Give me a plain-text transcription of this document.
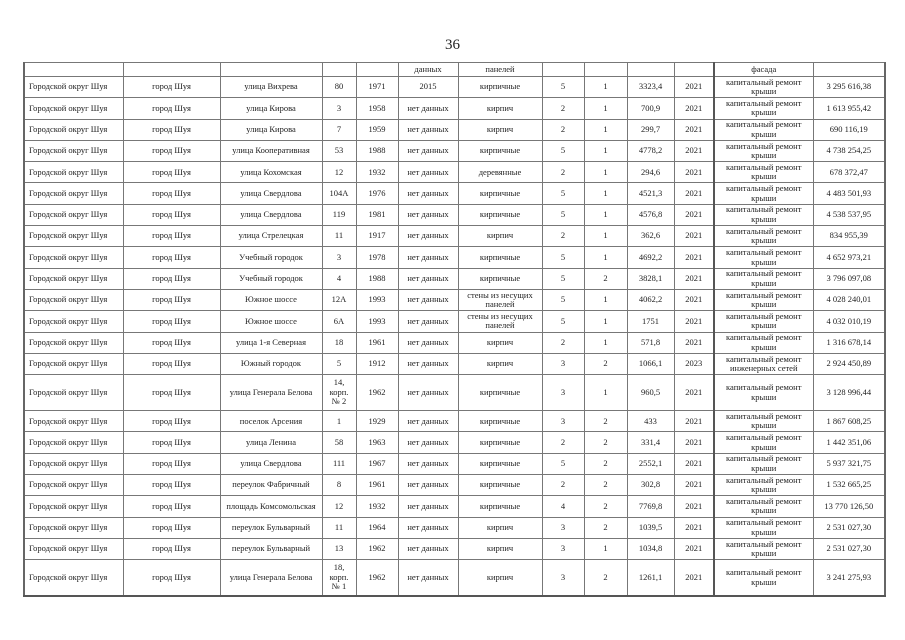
36
					данных	панелей					фасада	
Городской округ Шуя	город Шуя	улица Вихрева	80	1971	2015	кирпичные	5	1	3323,4	2021	капитальный ремонт крыши	3 295 616,38
Городской округ Шуя	город Шуя	улица Кирова	3	1958	нет данных	кирпич	2	1	700,9	2021	капитальный ремонт крыши	1 613 955,42
Городской округ Шуя	город Шуя	улица Кирова	7	1959	нет данных	кирпич	2	1	299,7	2021	капитальный ремонт крыши	690 116,19
Городской округ Шуя	город Шуя	улица Кооперативная	53	1988	нет данных	кирпичные	5	1	4778,2	2021	капитальный ремонт крыши	4 738 254,25
Городской округ Шуя	город Шуя	улица Кохомская	12	1932	нет данных	деревянные	2	1	294,6	2021	капитальный ремонт крыши	678 372,47
Городской округ Шуя	город Шуя	улица Свердлова	104А	1976	нет данных	кирпичные	5	1	4521,3	2021	капитальный ремонт крыши	4 483 501,93
Городской округ Шуя	город Шуя	улица Свердлова	119	1981	нет данных	кирпичные	5	1	4576,8	2021	капитальный ремонт крыши	4 538 537,95
Городской округ Шуя	город Шуя	улица Стрелецкая	11	1917	нет данных	кирпич	2	1	362,6	2021	капитальный ремонт крыши	834 955,39
Городской округ Шуя	город Шуя	Учебный городок	3	1978	нет данных	кирпичные	5	1	4692,2	2021	капитальный ремонт крыши	4 652 973,21
Городской округ Шуя	город Шуя	Учебный городок	4	1988	нет данных	кирпичные	5	2	3828,1	2021	капитальный ремонт крыши	3 796 097,08
Городской округ Шуя	город Шуя	Южное шоссе	12А	1993	нет данных	стены из несущих панелей	5	1	4062,2	2021	капитальный ремонт крыши	4 028 240,01
Городской округ Шуя	город Шуя	Южное шоссе	6А	1993	нет данных	стены из несущих панелей	5	1	1751	2021	капитальный ремонт крыши	4 032 010,19
Городской округ Шуя	город Шуя	улица 1-я Северная	18	1961	нет данных	кирпич	2	1	571,8	2021	капитальный ремонт крыши	1 316 678,14
Городской округ Шуя	город Шуя	Южный городок	5	1912	нет данных	кирпич	3	2	1066,1	2023	капитальный ремонт инженерных сетей	2 924 450,89
Городской округ Шуя	город Шуя	улица Генерала Белова	14, корп. № 2	1962	нет данных	кирпичные	3	1	960,5	2021	капитальный ремонт крыши	3 128 996,44
Городской округ Шуя	город Шуя	поселок Арсения	1	1929	нет данных	кирпичные	3	2	433	2021	капитальный ремонт крыши	1 867 608,25
Городской округ Шуя	город Шуя	улица Ленина	58	1963	нет данных	кирпичные	2	2	331,4	2021	капитальный ремонт крыши	1 442 351,06
Городской округ Шуя	город Шуя	улица Свердлова	111	1967	нет данных	кирпичные	5	2	2552,1	2021	капитальный ремонт крыши	5 937 321,75
Городской округ Шуя	город Шуя	переулок Фабричный	8	1961	нет данных	кирпичные	2	2	302,8	2021	капитальный ремонт крыши	1 532 665,25
Городской округ Шуя	город Шуя	площадь Комсомольская	12	1932	нет данных	кирпичные	4	2	7769,8	2021	капитальный ремонт крыши	13 770 126,50
Городской округ Шуя	город Шуя	переулок Бульварный	11	1964	нет данных	кирпич	3	2	1039,5	2021	капитальный ремонт крыши	2 531 027,30
Городской округ Шуя	город Шуя	переулок Бульварный	13	1962	нет данных	кирпич	3	1	1034,8	2021	капитальный ремонт крыши	2 531 027,30
Городской округ Шуя	город Шуя	улица Генерала Белова	18, корп. № 1	1962	нет данных	кирпич	3	2	1261,1	2021	капитальный ремонт крыши	3 241 275,93
